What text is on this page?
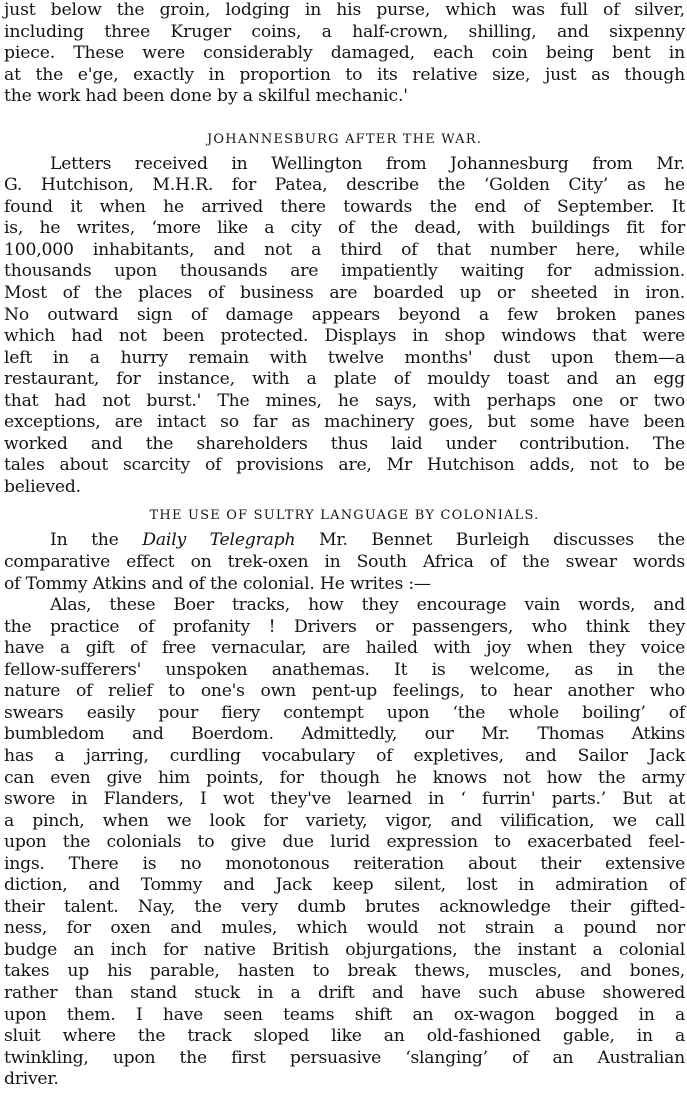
just below the groin, lodging in his purse, which was full of silver,
including three Kruger coins, a half-crown, shilling, and sixpenny
piece. These were considerably damaged, each coin being bent in
at the e'ge, exactly in proportion to its relative size, just as though
the work had been done by a skilful mechanic.'
JOHANNESBURG AFTER THE WAR.
Letters received in Wellington from Johannesburg from Mr.
G. Hutchison, M.H.R. for Patea, describe the ‘Golden City’ as he
found it when he arrived there towards the end of September. It
is, he writes, ‘more like a city of the dead, with buildings fit for
100,000 inhabitants, and not a third of that number here, while
thousands upon thousands are impatiently waiting for admission.
Most of the places of business are boarded up or sheeted in iron.
No outward sign of damage appears beyond a few broken panes
which had not been protected. Displays in shop windows that were
left in a hurry remain with twelve months' dust upon them—a
restaurant, for instance, with a plate of mouldy toast and an egg
that had not burst.' The mines, he says, with perhaps one or two
exceptions, are intact so far as machinery goes, but some have been
worked and the shareholders thus laid under contribution. The
tales about scarcity of provisions are, Mr Hutchison adds, not to be
believed.
THE USE OF SULTRY LANGUAGE BY COLONIALS.
In the Daily Telegraph Mr. Bennet Burleigh discusses the
comparative effect on trek-oxen in South Africa of the swear words
of Tommy Atkins and of the colonial. He writes :—
Alas, these Boer tracks, how they encourage vain words, and
the practice of profanity ! Drivers or passengers, who think they
have a gift of free vernacular, are hailed with joy when they voice
fellow-sufferers' unspoken anathemas. It is welcome, as in the
nature of relief to one's own pent-up feelings, to hear another who
swears easily pour fiery contempt upon ‘the whole boiling’ of
bumbledom and Boerdom. Admittedly, our Mr. Thomas Atkins
has a jarring, curdling vocabulary of expletives, and Sailor Jack
can even give him points, for though he knows not how the army
swore in Flanders, I wot they've learned in ‘ furrin' parts.’ But at
a pinch, when we look for variety, vigor, and vilification, we call
upon the colonials to give due lurid expression to exacerbated feel-
ings. There is no monotonous reiteration about their extensive
diction, and Tommy and Jack keep silent, lost in admiration of
their talent. Nay, the very dumb brutes acknowledge their gifted-
ness, for oxen and mules, which would not strain a pound nor
budge an inch for native British objurgations, the instant a colonial
takes up his parable, hasten to break thews, muscles, and bones,
rather than stand stuck in a drift and have such abuse showered
upon them. I have seen teams shift an ox-wagon bogged in a
sluit where the track sloped like an old-fashioned gable, in a
twinkling, upon the first persuasive ‘slanging’ of an Australian
driver.
